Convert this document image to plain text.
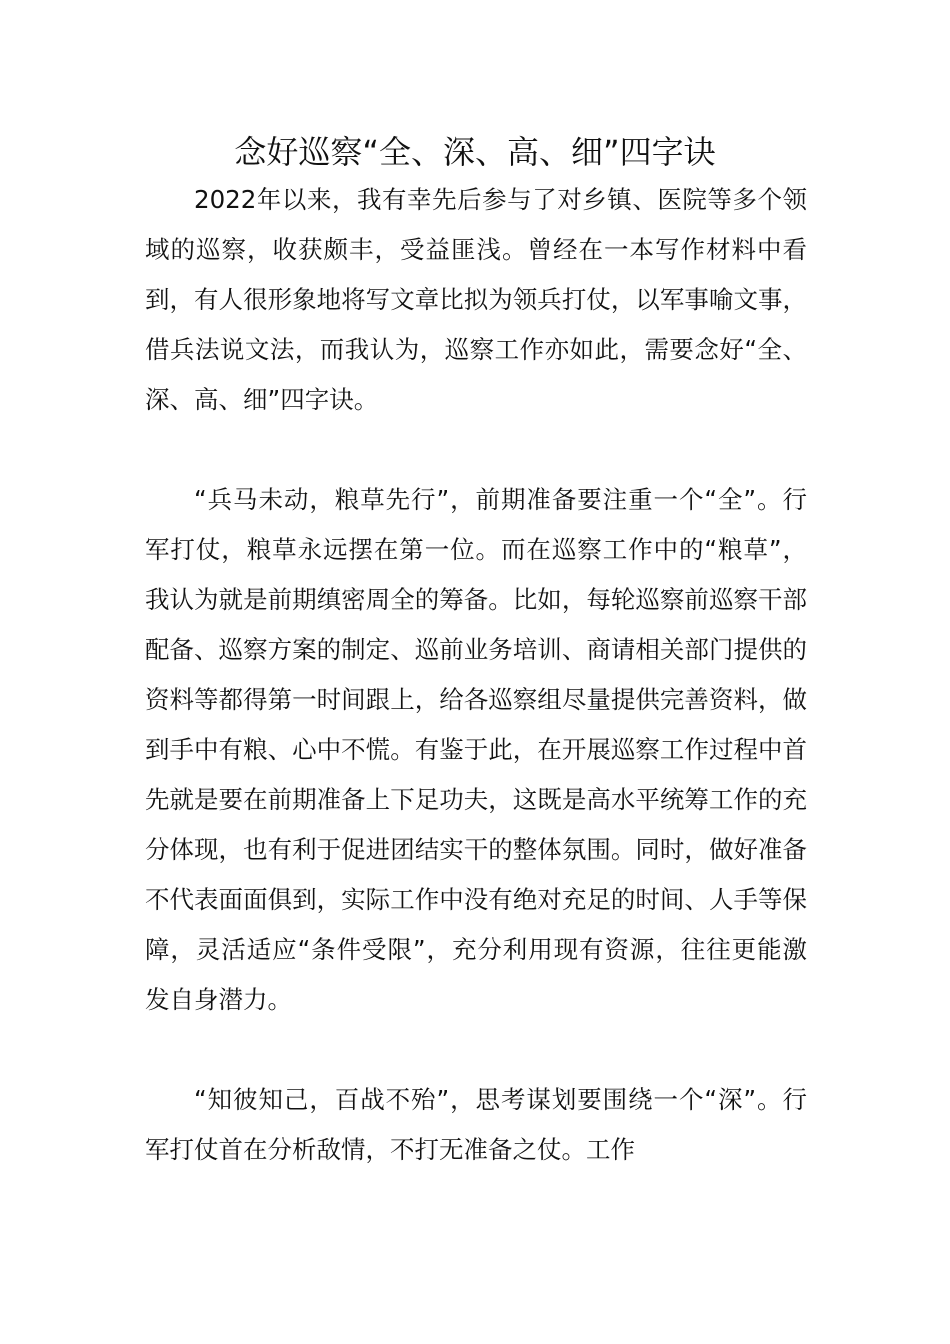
念好巡察“全、深、高、细”四字诀

2022年以来，我有幸先后参与了对乡镇、医院等多个领域的巡察，收获颇丰，受益匪浅。曾经在一本写作材料中看到，有人很形象地将写文章比拟为领兵打仗，以军事喻文事，借兵法说文法，而我认为，巡察工作亦如此，需要念好“全、深、高、细”四字诀。

“兵马未动，粮草先行”，前期准备要注重一个“全”。行军打仗，粮草永远摆在第一位。而在巡察工作中的“粮草”，我认为就是前期缜密周全的筹备。比如，每轮巡察前巡察干部配备、巡察方案的制定、巡前业务培训、商请相关部门提供的资料等都得第一时间跟上，给各巡察组尽量提供完善资料，做到手中有粮、心中不慌。有鉴于此，在开展巡察工作过程中首先就是要在前期准备上下足功夫，这既是高水平统筹工作的充分体现，也有利于促进团结实干的整体氛围。同时，做好准备不代表面面俱到，实际工作中没有绝对充足的时间、人手等保障，灵活适应“条件受限”，充分利用现有资源，往往更能激发自身潜力。

“知彼知己，百战不殆”，思考谋划要围绕一个“深”。行军打仗首在分析敌情，不打无准备之仗。工作
